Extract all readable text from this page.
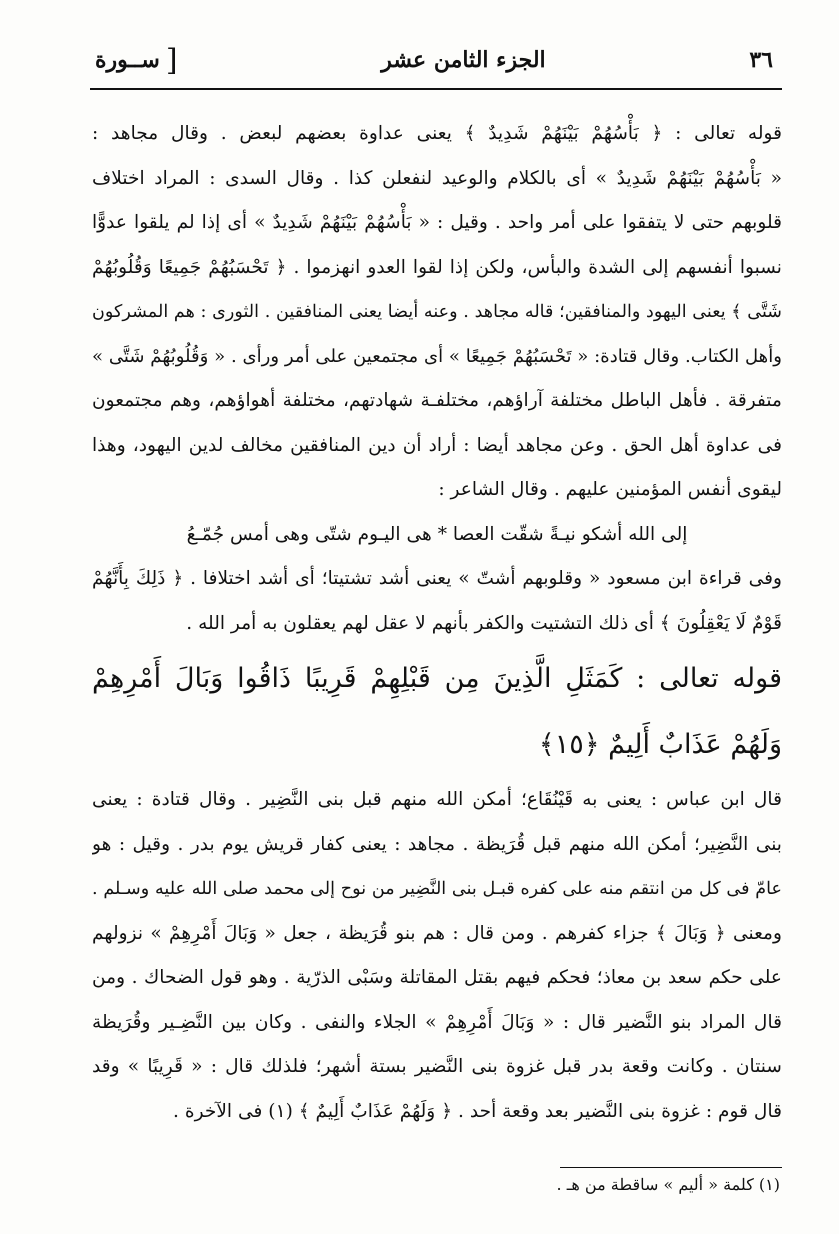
٣٦
الجزء الثامن عشر
[
ســورة
قوله تعالى : ﴿ بَأْسُهُمْ بَيْنَهُمْ شَدِيدٌ ﴾ يعنى عداوة بعضهم لبعض . وقال مجاهد :
« بَأْسُهُمْ بَيْنَهُمْ شَدِيدٌ » أى بالكلام والوعيد لنفعلن كذا . وقال السدى : المراد اختلاف
قلوبهم حتى لا يتفقوا على أمر واحد . وقيل : « بَأْسُهُمْ بَيْنَهُمْ شَدِيدٌ » أى إذا لم يلقوا عدوًّا
نسبوا أنفسهم إلى الشدة والبأس، ولكن إذا لقوا العدو انهزموا . ﴿ تَحْسَبُهُمْ جَمِيعًا وَقُلُوبُهُمْ
شَتَّى ﴾ يعنى اليهود والمنافقين؛ قاله مجاهد . وعنه أيضا يعنى المنافقين . الثورى : هم المشركون
وأهل الكتاب. وقال قتادة: « تَحْسَبُهُمْ جَمِيعًا » أى مجتمعين على أمر ورأى . « وَقُلُوبُهُمْ شَتَّى »
متفرقة . فأهل الباطل مختلفة آراؤهم، مختلفـة شهادتهم، مختلفة أهواؤهم، وهم مجتمعون
فى عداوة أهل الحق . وعن مجاهد أيضا : أراد أن دين المنافقين مخالف لدين اليهود، وهذا
ليقوى أنفس المؤمنين عليهم . وقال الشاعر :
إلى الله أشكو نيـةً شقّت العصا * هى اليـوم شتّى وهى أمس جُمّـعُ
وفى قراءة ابن مسعود « وقلوبهم أشتّ » يعنى أشد تشتيتا؛ أى أشد اختلافا . ﴿ ذَلِكَ بِأَنَّهُمْ
قَوْمٌ لَا يَعْقِلُونَ ﴾ أى ذلك التشتيت والكفر بأنهم لا عقل لهم يعقلون به أمر الله .
قوله تعالى : كَمَثَلِ الَّذِينَ مِن قَبْلِهِمْ قَرِيبًا ذَاقُوا وَبَالَ أَمْرِهِمْ
وَلَهُمْ عَذَابٌ أَلِيمٌ ﴿١٥﴾
قال ابن عباس : يعنى به قَيْنُقَاع؛ أمكن الله منهم قبل بنى النَّضِير . وقال قتادة : يعنى
بنى النَّضِير؛ أمكن الله منهم قبل قُرَيظة . مجاهد : يعنى كفار قريش يوم بدر . وقيل : هو
عامّ فى كل من انتقم منه على كفره قبـل بنى النَّضِير من نوح إلى محمد صلى الله عليه وسـلم .
ومعنى ﴿ وَبَالَ ﴾ جزاء كفرهم . ومن قال : هم بنو قُرَيظة ، جعل « وَبَالَ أَمْرِهِمْ » نزولهم
على حكم سعد بن معاذ؛ فحكم فيهم بقتل المقاتلة وسَبْى الذرّية . وهو قول الضحاك . ومن
قال المراد بنو النَّضير قال : « وَبَالَ أَمْرِهِمْ » الجلاء والنفى . وكان بين النَّضِـير وقُرَيظة
سنتان . وكانت وقعة بدر قبل غزوة بنى النَّضير بستة أشهر؛ فلذلك قال : « قَرِيبًا » وقد
قال قوم : غزوة بنى النَّضير بعد وقعة أحد . ﴿ وَلَهُمْ عَذَابٌ أَلِيمٌ ﴾ (١) فى الآخرة .
(١) كلمة « أليم » ساقطة من هـ .
